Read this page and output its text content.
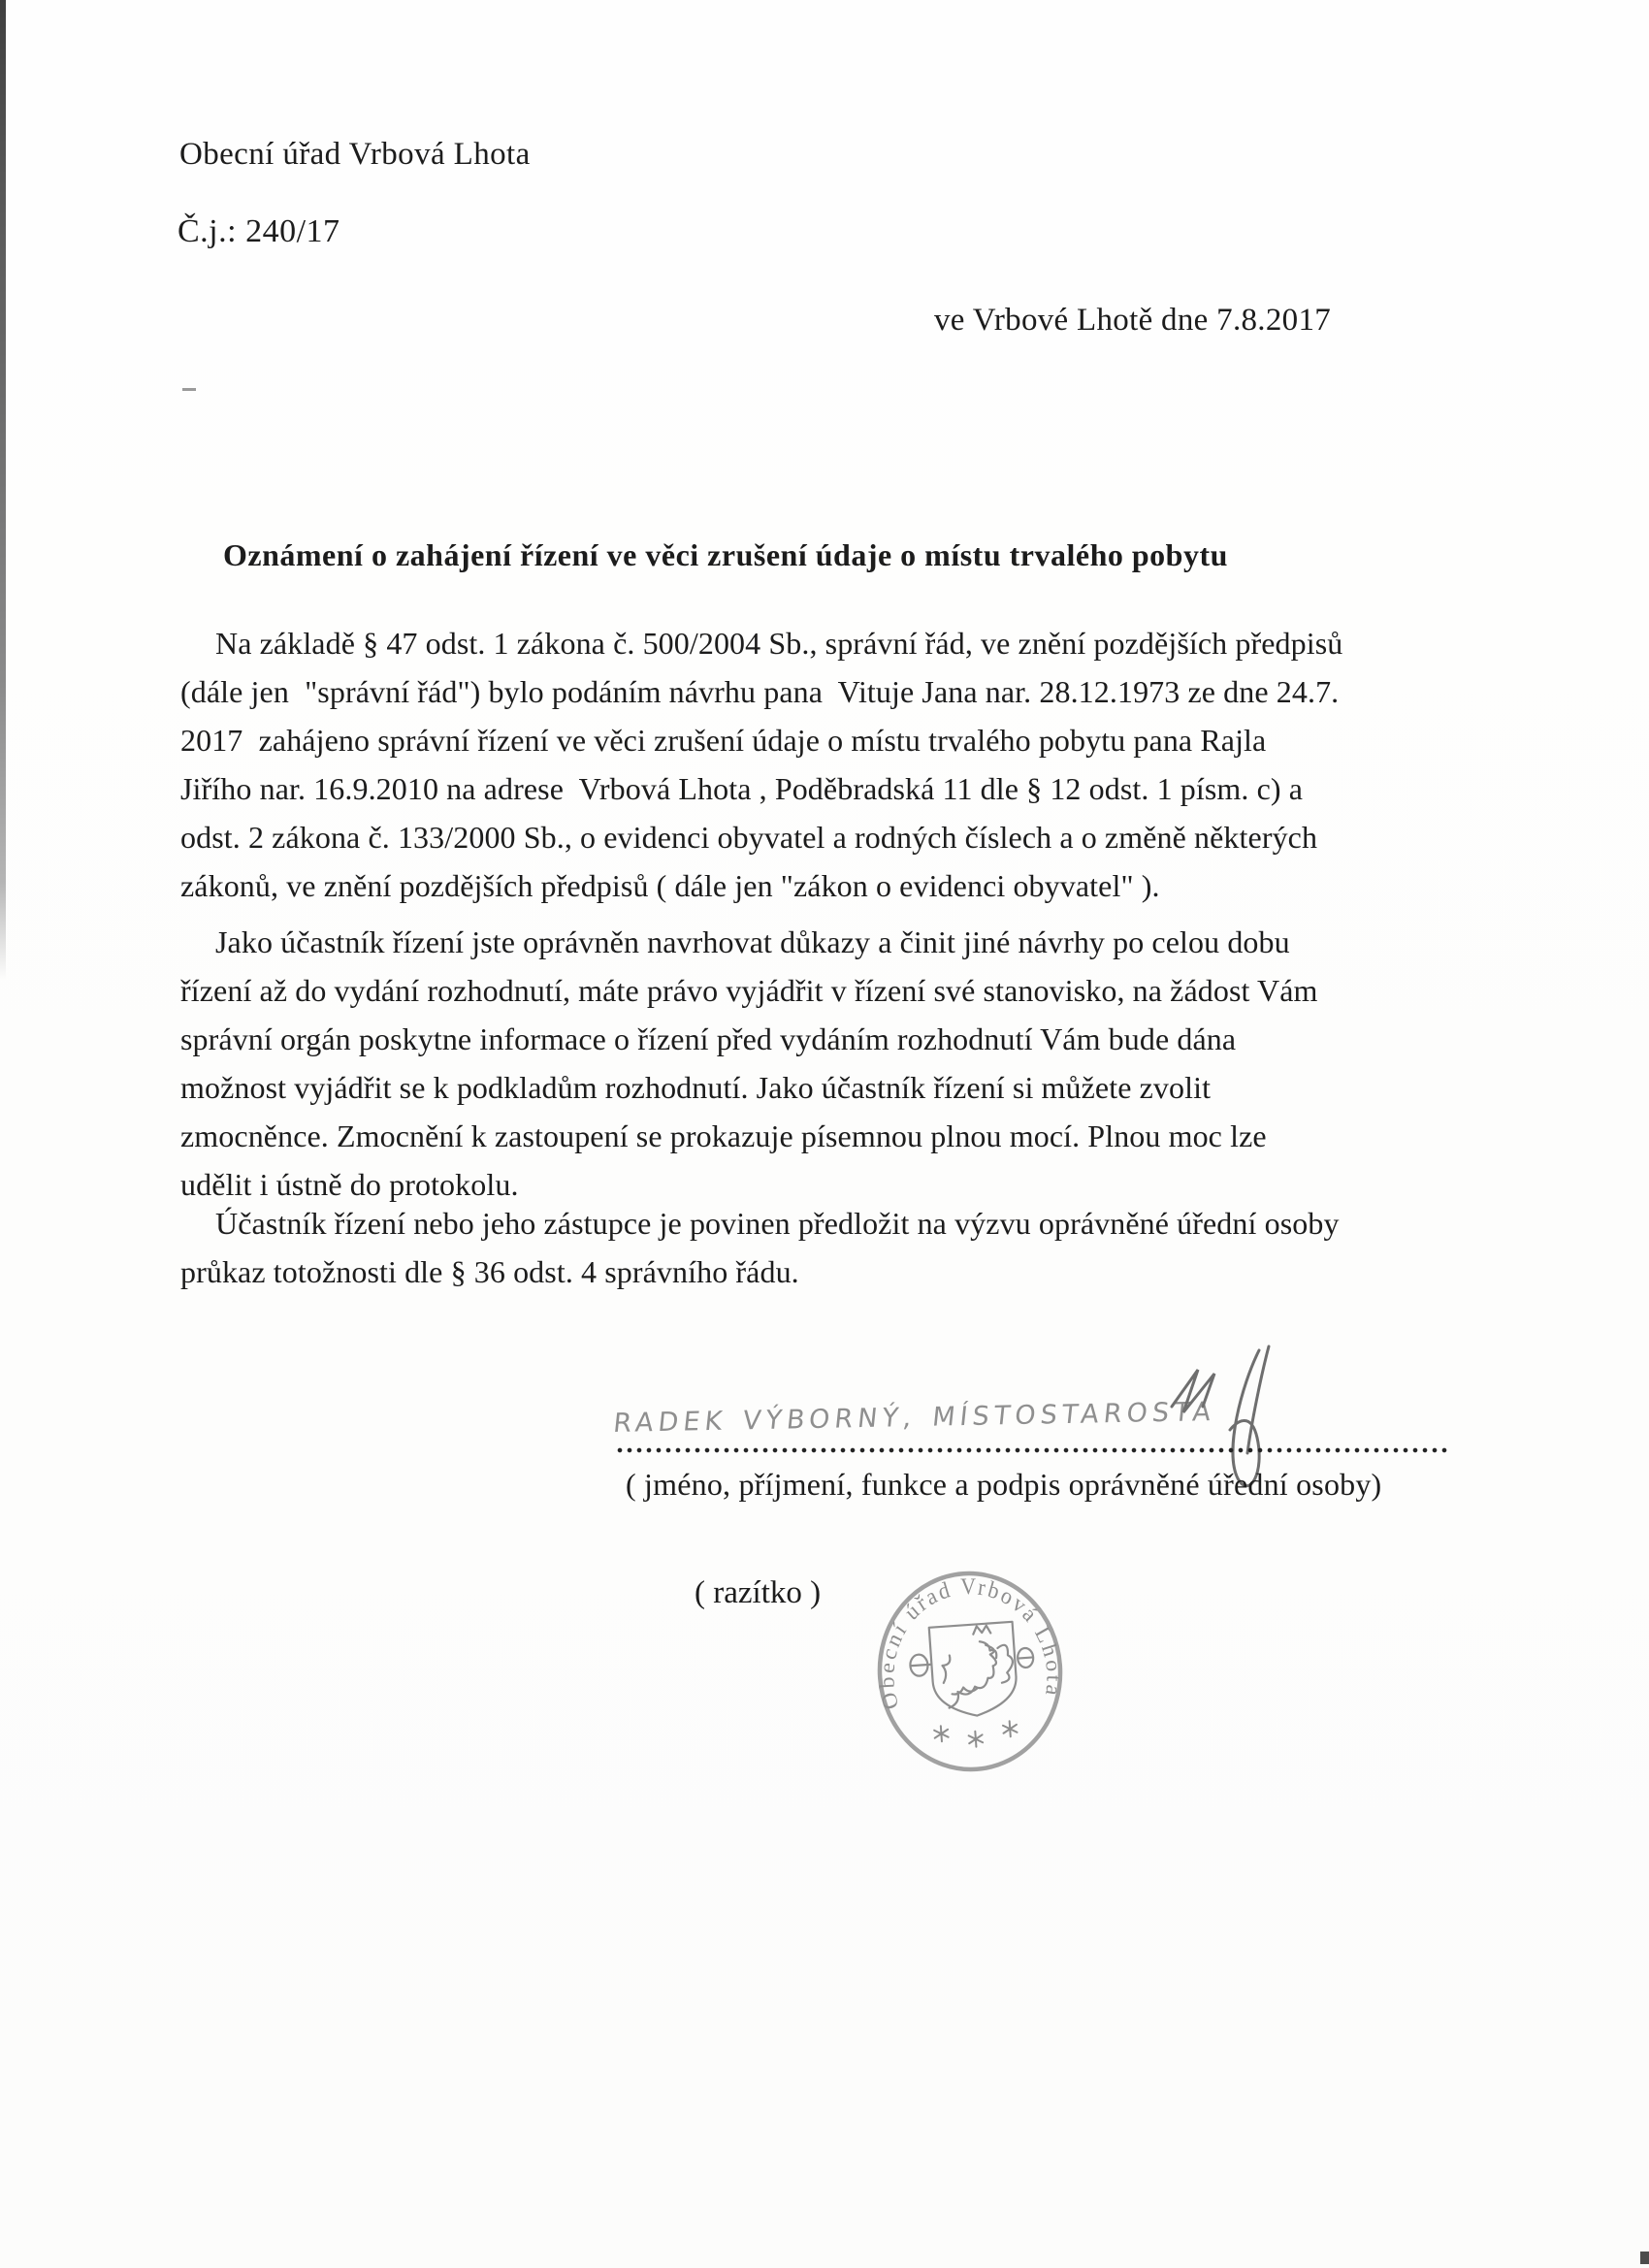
Obecní úřad Vrbová Lhota
Č.j.: 240/17
ve Vrbové Lhotě dne 7.8.2017
Oznámení o zahájení řízení ve věci zrušení údaje o místu trvalého pobytu
Na základě § 47 odst. 1 zákona č. 500/2004 Sb., správní řád, ve znění pozdějších předpisů
(dále jen  "správní řád") bylo podáním návrhu pana  Vituje Jana nar. 28.12.1973 ze dne 24.7.
2017  zahájeno správní řízení ve věci zrušení údaje o místu trvalého pobytu pana Rajla
Jiřího nar. 16.9.2010 na adrese  Vrbová Lhota , Poděbradská 11 dle § 12 odst. 1 písm. c) a
odst. 2 zákona č. 133/2000 Sb., o evidenci obyvatel a rodných číslech a o změně některých
zákonů, ve znění pozdějších předpisů ( dále jen "zákon o evidenci obyvatel" ).
Jako účastník řízení jste oprávněn navrhovat důkazy a činit jiné návrhy po celou dobu
řízení až do vydání rozhodnutí, máte právo vyjádřit v řízení své stanovisko, na žádost Vám
správní orgán poskytne informace o řízení před vydáním rozhodnutí Vám bude dána
možnost vyjádřit se k podkladům rozhodnutí. Jako účastník řízení si můžete zvolit
zmocněnce. Zmocnění k zastoupení se prokazuje písemnou plnou mocí. Plnou moc lze
udělit i ústně do protokolu.
Účastník řízení nebo jeho zástupce je povinen předložit na výzvu oprávněné úřední osoby
průkaz totožnosti dle § 36 odst. 4 správního řádu.
RADEK VÝBORNÝ, MÍSTOSTAROSTA
( jméno, příjmení, funkce a podpis oprávněné úřední osoby)
( razítko )
Obecní úřad Vrbová Lhota
